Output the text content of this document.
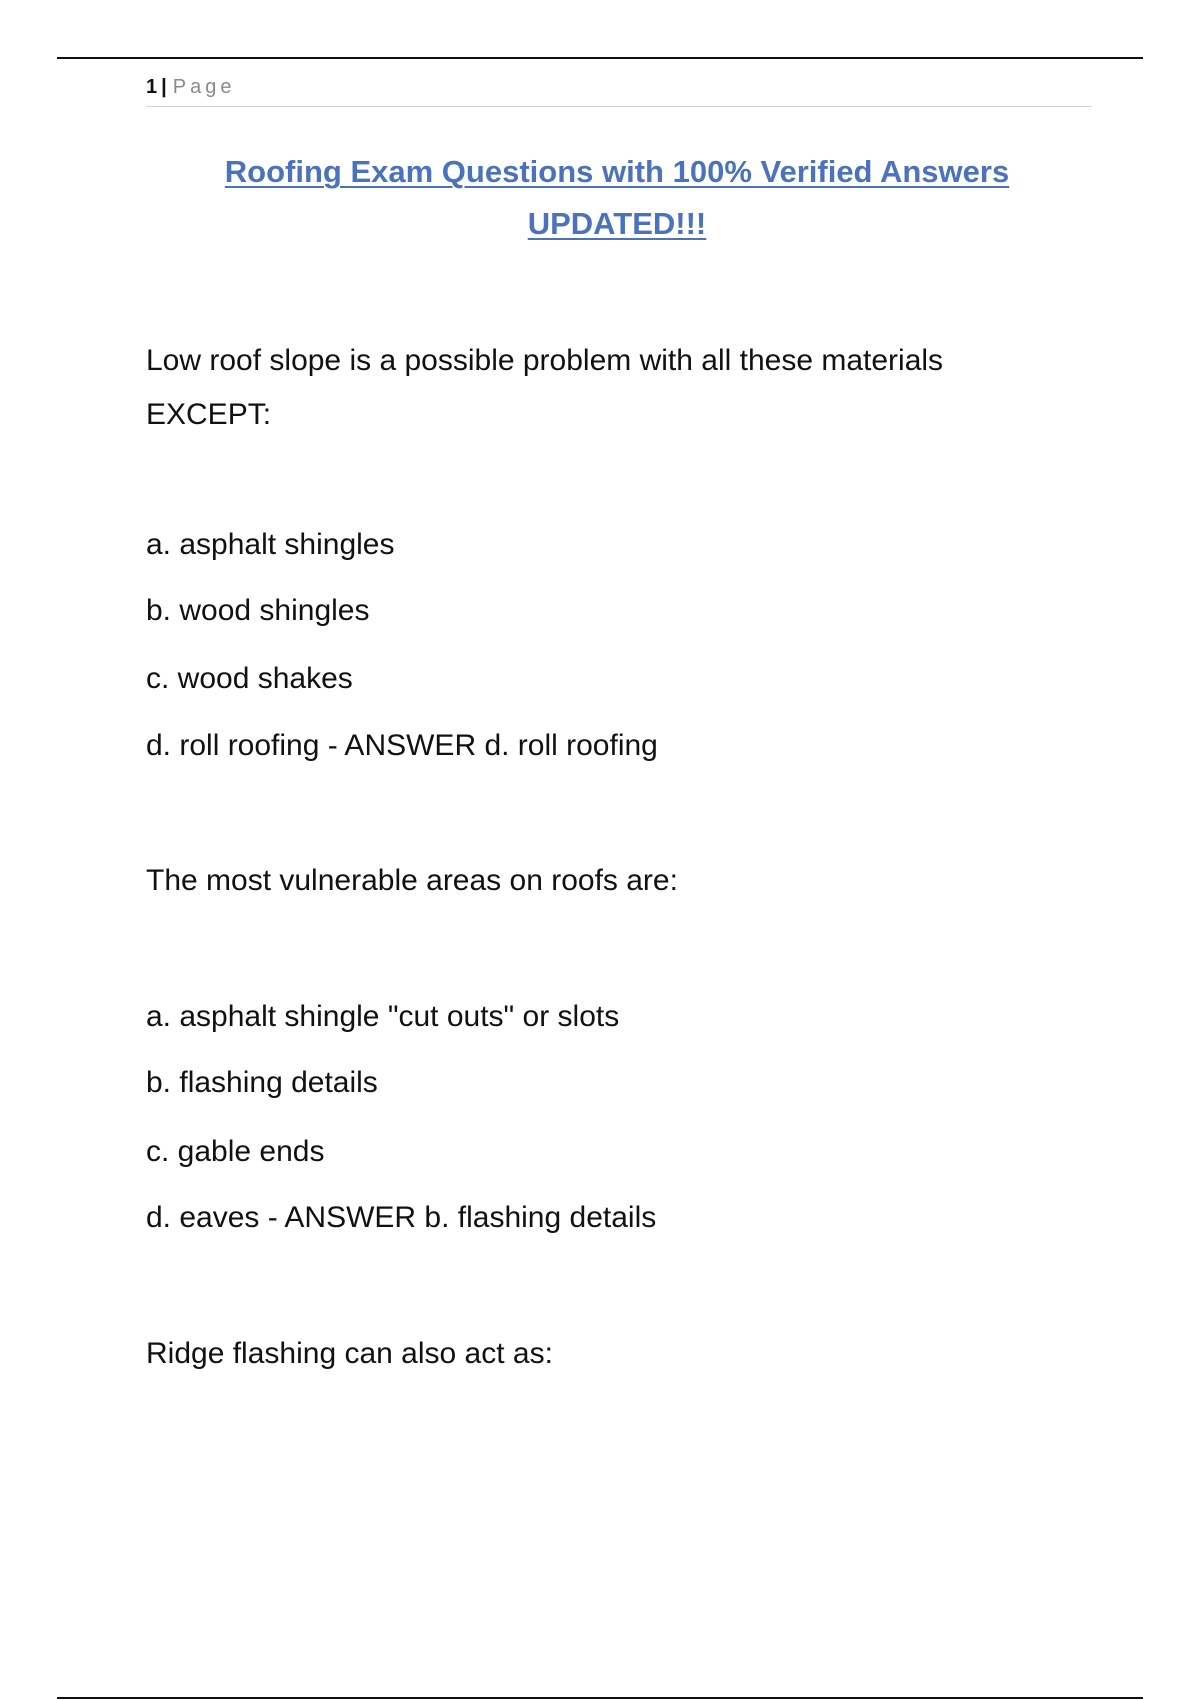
1 | Page
Roofing Exam Questions with 100% Verified Answers
UPDATED!!!
Low roof slope is a possible problem with all these materials
EXCEPT:
a. asphalt shingles
b. wood shingles
c. wood shakes
d. roll roofing - ANSWER d. roll roofing
The most vulnerable areas on roofs are:
a. asphalt shingle "cut outs" or slots
b. flashing details
c. gable ends
d. eaves - ANSWER b. flashing details
Ridge flashing can also act as:
